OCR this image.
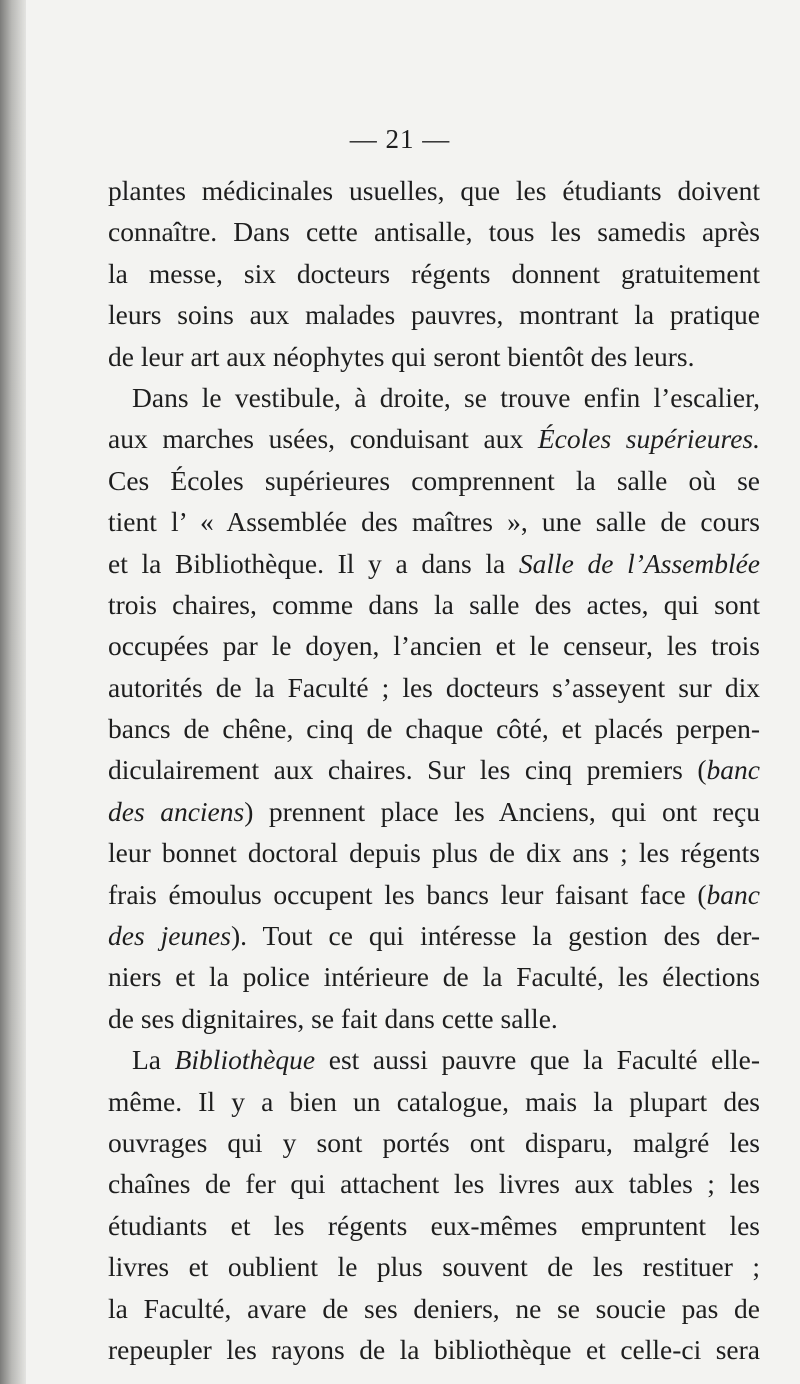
— 21 —
plantes médicinales usuelles, que les étudiants doivent
connaître. Dans cette antisalle, tous les samedis après
la messe, six docteurs régents donnent gratuitement
leurs soins aux malades pauvres, montrant la pratique
de leur art aux néophytes qui seront bientôt des leurs.
Dans le vestibule, à droite, se trouve enfin l’escalier,
aux marches usées, conduisant aux Écoles supérieures.
Ces Écoles supérieures comprennent la salle où se
tient l’ « Assemblée des maîtres », une salle de cours
et la Bibliothèque. Il y a dans la Salle de l’Assemblée
trois chaires, comme dans la salle des actes, qui sont
occupées par le doyen, l’ancien et le censeur, les trois
autorités de la Faculté ; les docteurs s’asseyent sur dix
bancs de chêne, cinq de chaque côté, et placés perpen-
diculairement aux chaires. Sur les cinq premiers (banc
des anciens) prennent place les Anciens, qui ont reçu
leur bonnet doctoral depuis plus de dix ans ; les régents
frais émoulus occupent les bancs leur faisant face (banc
des jeunes). Tout ce qui intéresse la gestion des der-
niers et la police intérieure de la Faculté, les élections
de ses dignitaires, se fait dans cette salle.
La Bibliothèque est aussi pauvre que la Faculté elle-
même. Il y a bien un catalogue, mais la plupart des
ouvrages qui y sont portés ont disparu, malgré les
chaînes de fer qui attachent les livres aux tables ; les
étudiants et les régents eux-mêmes empruntent les
livres et oublient le plus souvent de les restituer ;
la Faculté, avare de ses deniers, ne se soucie pas de
repeupler les rayons de la bibliothèque et celle-ci sera
